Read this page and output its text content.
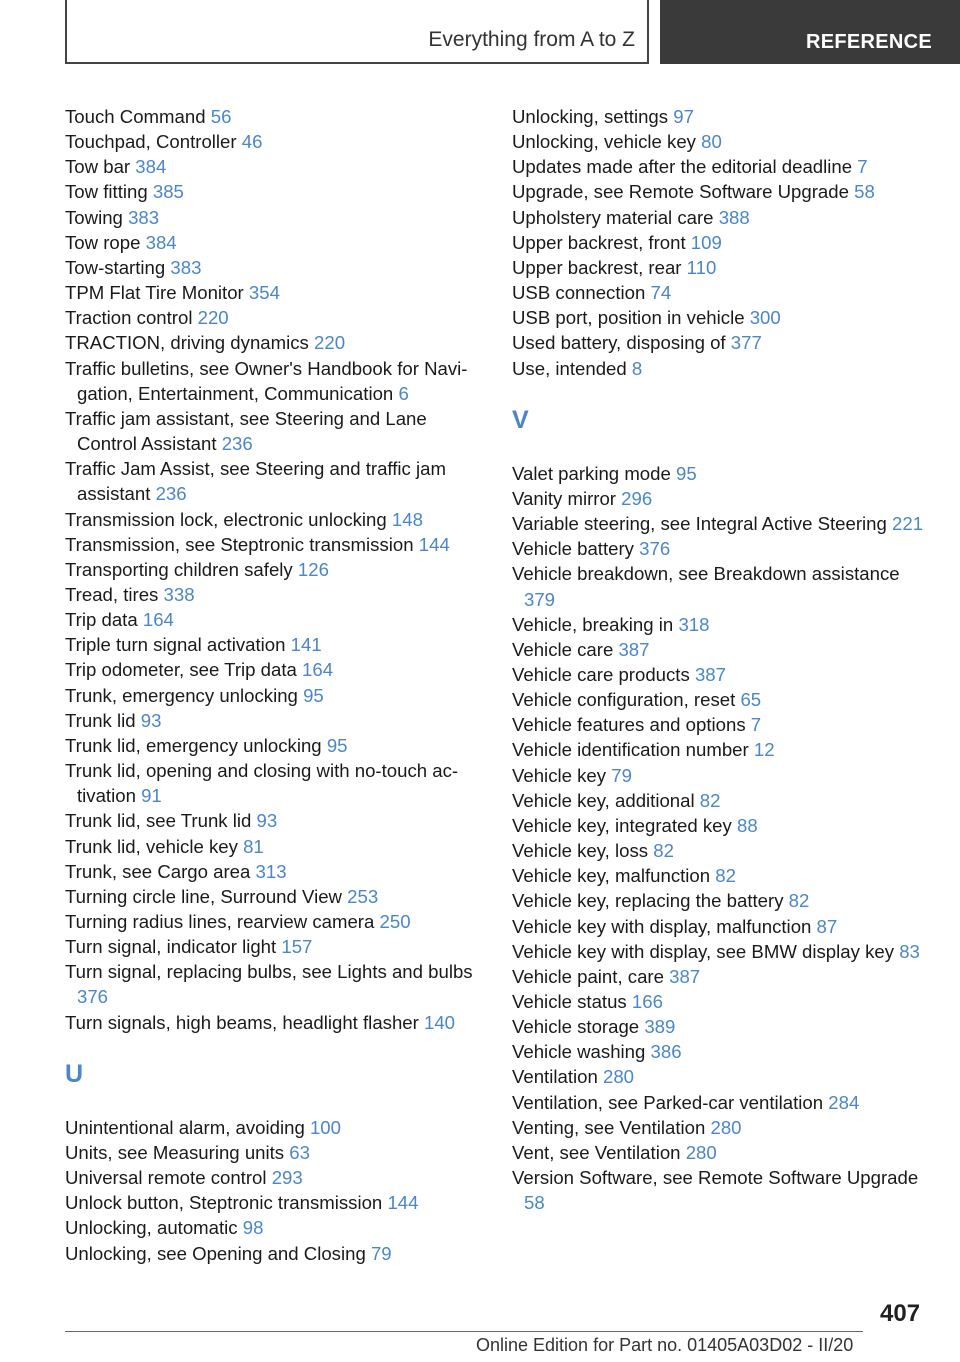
Everything from A to Z	REFERENCE
Touch Command 56
Touchpad, Controller 46
Tow bar 384
Tow fitting 385
Towing 383
Tow rope 384
Tow-starting 383
TPM Flat Tire Monitor 354
Traction control 220
TRACTION, driving dynamics 220
Traffic bulletins, see Owner's Handbook for Navigation, Entertainment, Communication 6
Traffic jam assistant, see Steering and Lane Control Assistant 236
Traffic Jam Assist, see Steering and traffic jam assistant 236
Transmission lock, electronic unlocking 148
Transmission, see Steptronic transmission 144
Transporting children safely 126
Tread, tires 338
Trip data 164
Triple turn signal activation 141
Trip odometer, see Trip data 164
Trunk, emergency unlocking 95
Trunk lid 93
Trunk lid, emergency unlocking 95
Trunk lid, opening and closing with no-touch activation 91
Trunk lid, see Trunk lid 93
Trunk lid, vehicle key 81
Trunk, see Cargo area 313
Turning circle line, Surround View 253
Turning radius lines, rearview camera 250
Turn signal, indicator light 157
Turn signal, replacing bulbs, see Lights and bulbs 376
Turn signals, high beams, headlight flasher 140
U
Unintentional alarm, avoiding 100
Units, see Measuring units 63
Universal remote control 293
Unlock button, Steptronic transmission 144
Unlocking, automatic 98
Unlocking, see Opening and Closing 79
Unlocking, settings 97
Unlocking, vehicle key 80
Updates made after the editorial deadline 7
Upgrade, see Remote Software Upgrade 58
Upholstery material care 388
Upper backrest, front 109
Upper backrest, rear 110
USB connection 74
USB port, position in vehicle 300
Used battery, disposing of 377
Use, intended 8
V
Valet parking mode 95
Vanity mirror 296
Variable steering, see Integral Active Steering 221
Vehicle battery 376
Vehicle breakdown, see Breakdown assistance 379
Vehicle, breaking in 318
Vehicle care 387
Vehicle care products 387
Vehicle configuration, reset 65
Vehicle features and options 7
Vehicle identification number 12
Vehicle key 79
Vehicle key, additional 82
Vehicle key, integrated key 88
Vehicle key, loss 82
Vehicle key, malfunction 82
Vehicle key, replacing the battery 82
Vehicle key with display, malfunction 87
Vehicle key with display, see BMW display key 83
Vehicle paint, care 387
Vehicle status 166
Vehicle storage 389
Vehicle washing 386
Ventilation 280
Ventilation, see Parked-car ventilation 284
Venting, see Ventilation 280
Vent, see Ventilation 280
Version Software, see Remote Software Upgrade 58
407
Online Edition for Part no. 01405A03D02 - II/20
